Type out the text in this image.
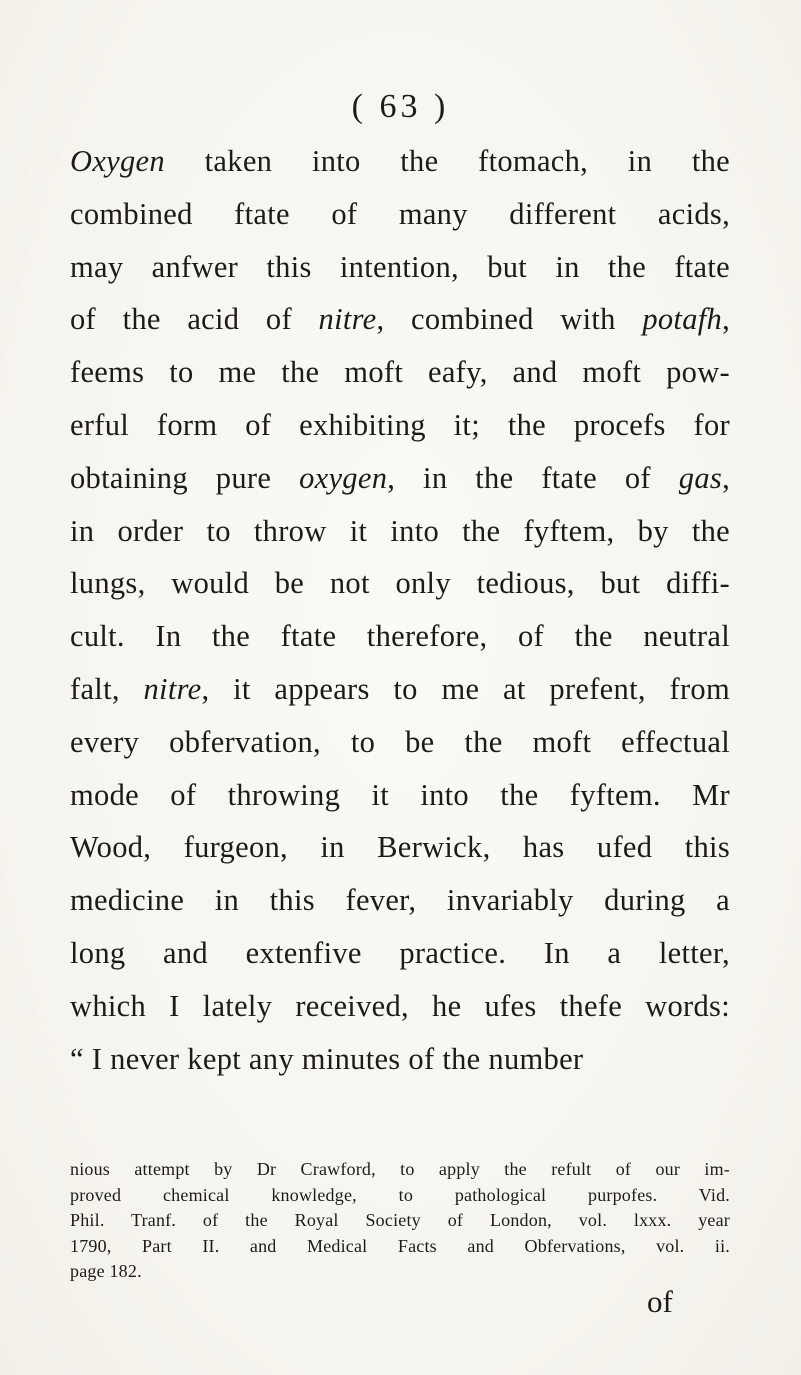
( 63 )
Oxygen taken into the ftomach, in the
combined ftate of many different acids,
may anfwer this intention, but in the ftate
of the acid of nitre, combined with potafh,
feems to me the moft eafy, and moft pow-
erful form of exhibiting it; the procefs for
obtaining pure oxygen, in the ftate of gas,
in order to throw it into the fyftem, by the
lungs, would be not only tedious, but diffi-
cult. In the ftate therefore, of the neutral
falt, nitre, it appears to me at prefent, from
every obfervation, to be the moft effectual
mode of throwing it into the fyftem. Mr
Wood, furgeon, in Berwick, has ufed this
medicine in this fever, invariably during a
long and extenfive practice. In a letter,
which I lately received, he ufes thefe words:
“ I never kept any minutes of the number
nious attempt by Dr Crawford, to apply the refult of our im-
proved chemical knowledge, to pathological purpofes. Vid.
Phil. Tranf. of the Royal Society of London, vol. lxxx. year
1790, Part II. and Medical Facts and Obfervations, vol. ii.
page 182.
of
